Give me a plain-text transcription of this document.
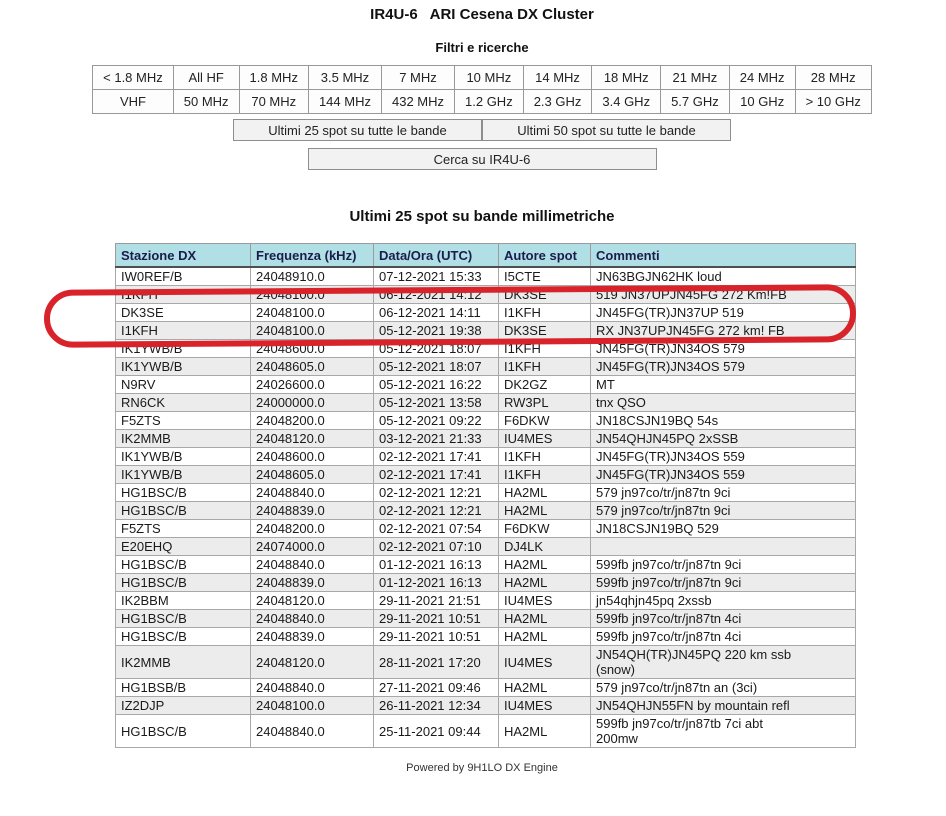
IR4U-6   ARI Cesena DX Cluster
Filtri e ricerche
< 1.8 MHz	All HF	1.8 MHz	3.5 MHz	7 MHz	10 MHz	14 MHz	18 MHz	21 MHz	24 MHz	28 MHz
VHF	50 MHz	70 MHz	144 MHz	432 MHz	1.2 GHz	2.3 GHz	3.4 GHz	5.7 GHz	10 GHz	> 10 GHz
Ultimi 25 spot su tutte le bande	Ultimi 50 spot su tutte le bande
Cerca su IR4U-6
Ultimi 25 spot su bande millimetriche
Stazione DX	Frequenza (kHz)	Data/Ora (UTC)	Autore spot	Commenti
IW0REF/B	24048910.0	07-12-2021 15:33	I5CTE	JN63BGJN62HK loud

I1KFH	24048100.0	06-12-2021 14:12	DK3SE	519 JN37UPJN45FG 272 Km!FB

DK3SE	24048100.0	06-12-2021 14:11	I1KFH	JN45FG(TR)JN37UP 519

I1KFH	24048100.0	05-12-2021 19:38	DK3SE	RX JN37UPJN45FG 272 km! FB

IK1YWB/B	24048600.0	05-12-2021 18:07	I1KFH	JN45FG(TR)JN34OS 579

IK1YWB/B	24048605.0	05-12-2021 18:07	I1KFH	JN45FG(TR)JN34OS 579

N9RV	24026600.0	05-12-2021 16:22	DK2GZ	MT

RN6CK	24000000.0	05-12-2021 13:58	RW3PL	tnx QSO

F5ZTS	24048200.0	05-12-2021 09:22	F6DKW	JN18CSJN19BQ 54s

IK2MMB	24048120.0	03-12-2021 21:33	IU4MES	JN54QHJN45PQ 2xSSB

IK1YWB/B	24048600.0	02-12-2021 17:41	I1KFH	JN45FG(TR)JN34OS 559

IK1YWB/B	24048605.0	02-12-2021 17:41	I1KFH	JN45FG(TR)JN34OS 559

HG1BSC/B	24048840.0	02-12-2021 12:21	HA2ML	579 jn97co/tr/jn87tn 9ci

HG1BSC/B	24048839.0	02-12-2021 12:21	HA2ML	579 jn97co/tr/jn87tn 9ci

F5ZTS	24048200.0	02-12-2021 07:54	F6DKW	JN18CSJN19BQ 529

E20EHQ	24074000.0	02-12-2021 07:10	DJ4LK	

HG1BSC/B	24048840.0	01-12-2021 16:13	HA2ML	599fb jn97co/tr/jn87tn 9ci

HG1BSC/B	24048839.0	01-12-2021 16:13	HA2ML	599fb jn97co/tr/jn87tn 9ci

IK2BBM	24048120.0	29-11-2021 21:51	IU4MES	jn54qhjn45pq 2xssb

HG1BSC/B	24048840.0	29-11-2021 10:51	HA2ML	599fb jn97co/tr/jn87tn 4ci

HG1BSC/B	24048839.0	29-11-2021 10:51	HA2ML	599fb jn97co/tr/jn87tn 4ci

IK2MMB	24048120.0	28-11-2021 17:20	IU4MES	JN54QH(TR)JN45PQ 220 km ssb (snow)

HG1BSB/B	24048840.0	27-11-2021 09:46	HA2ML	579 jn97co/tr/jn87tn an (3ci)

IZ2DJP	24048100.0	26-11-2021 12:34	IU4MES	JN54QHJN55FN by mountain refl

HG1BSC/B	24048840.0	25-11-2021 09:44	HA2ML	599fb jn97co/tr/jn87tb 7ci abt 200mw
Powered by 9H1LO DX Engine
